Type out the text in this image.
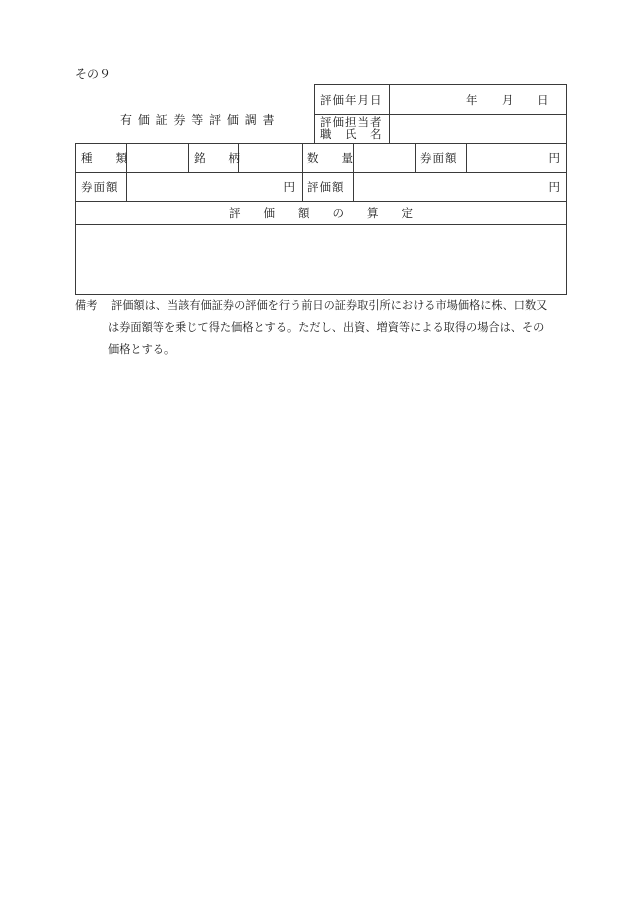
その９
有 価 証 券 等 評 価 調 書
評価年月日	年 月 日
評価担当者
職　氏　名
種　　類	銘　　柄	数　　量	券面額	円
券面額	円 評価額	円
評　　価　　額　　の　　算　　定
備考 評価額は、当該有価証券の評価を行う前日の証券取引所における市場価格に株、口数又
は券面額等を乗じて得た価格とする。ただし、出資、増資等による取得の場合は、その
価格とする。
